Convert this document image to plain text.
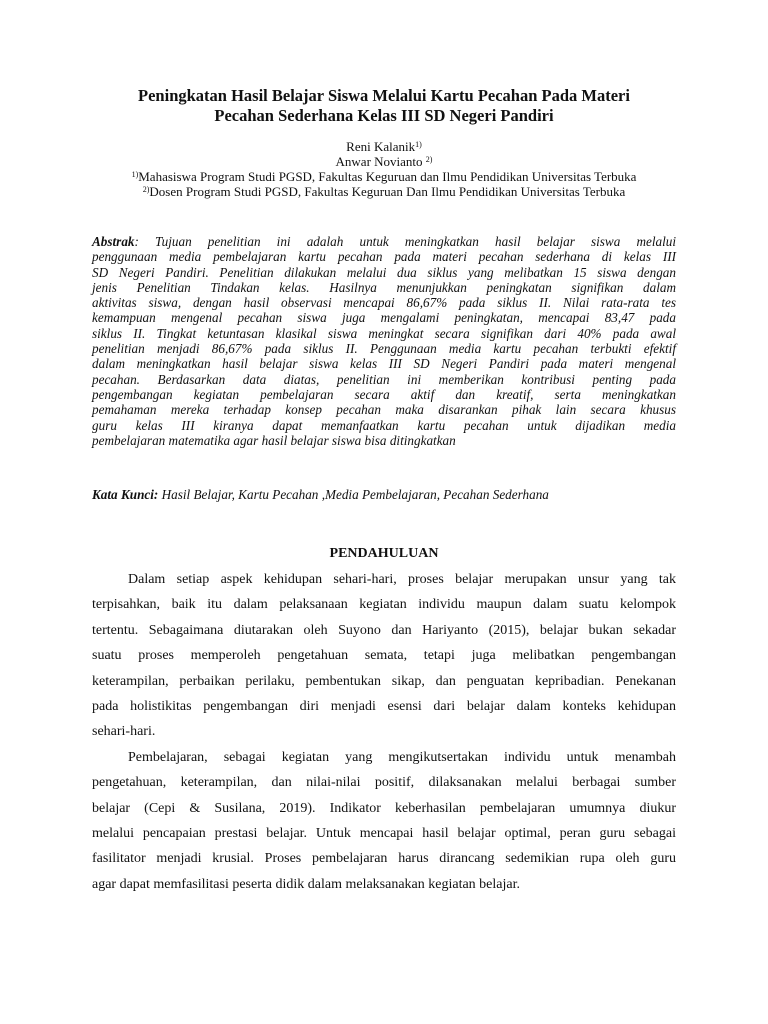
Peningkatan Hasil Belajar Siswa Melalui Kartu Pecahan Pada Materi
Pecahan Sederhana Kelas III SD Negeri Pandiri
Reni Kalanik$^{1)}$
Anwar Novianto $^{2)}$
$^{1)}$Mahasiswa Program Studi PGSD, Fakultas Keguruan dan Ilmu Pendidikan Universitas Terbuka
$^{2)}$Dosen Program Studi PGSD, Fakultas Keguruan Dan Ilmu Pendidikan Universitas Terbuka
Abstrak: Tujuan penelitian ini adalah untuk meningkatkan hasil belajar siswa melalui
penggunaan media pembelajaran kartu pecahan pada materi pecahan sederhana di kelas III
SD Negeri Pandiri. Penelitian dilakukan melalui dua siklus yang melibatkan 15 siswa dengan
jenis Penelitian Tindakan kelas. Hasilnya menunjukkan peningkatan signifikan dalam
aktivitas siswa, dengan hasil observasi mencapai 86,67% pada siklus II. Nilai rata-rata tes
kemampuan mengenal pecahan siswa juga mengalami peningkatan, mencapai 83,47 pada
siklus II. Tingkat ketuntasan klasikal siswa meningkat secara signifikan dari 40% pada awal
penelitian menjadi 86,67% pada siklus II. Penggunaan media kartu pecahan terbukti efektif
dalam meningkatkan hasil belajar siswa kelas III SD Negeri Pandiri pada materi mengenal
pecahan. Berdasarkan data diatas, penelitian ini memberikan kontribusi penting pada
pengembangan kegiatan pembelajaran secara aktif dan kreatif, serta meningkatkan
pemahaman mereka terhadap konsep pecahan maka disarankan pihak lain secara khusus
guru kelas III kiranya dapat memanfaatkan kartu pecahan untuk dijadikan media
pembelajaran matematika agar hasil belajar siswa bisa ditingkatkan
Kata Kunci: Hasil Belajar, Kartu Pecahan ,Media Pembelajaran, Pecahan Sederhana
PENDAHULUAN
Dalam setiap aspek kehidupan sehari-hari, proses belajar merupakan unsur yang tak
terpisahkan, baik itu dalam pelaksanaan kegiatan individu maupun dalam suatu kelompok
tertentu. Sebagaimana diutarakan oleh Suyono dan Hariyanto (2015), belajar bukan sekadar
suatu proses memperoleh pengetahuan semata, tetapi juga melibatkan pengembangan
keterampilan, perbaikan perilaku, pembentukan sikap, dan penguatan kepribadian. Penekanan
pada holistikitas pengembangan diri menjadi esensi dari belajar dalam konteks kehidupan
sehari-hari.
Pembelajaran, sebagai kegiatan yang mengikutsertakan individu untuk menambah
pengetahuan, keterampilan, dan nilai-nilai positif, dilaksanakan melalui berbagai sumber
belajar (Cepi & Susilana, 2019). Indikator keberhasilan pembelajaran umumnya diukur
melalui pencapaian prestasi belajar. Untuk mencapai hasil belajar optimal, peran guru sebagai
fasilitator menjadi krusial. Proses pembelajaran harus dirancang sedemikian rupa oleh guru
agar dapat memfasilitasi peserta didik dalam melaksanakan kegiatan belajar.
